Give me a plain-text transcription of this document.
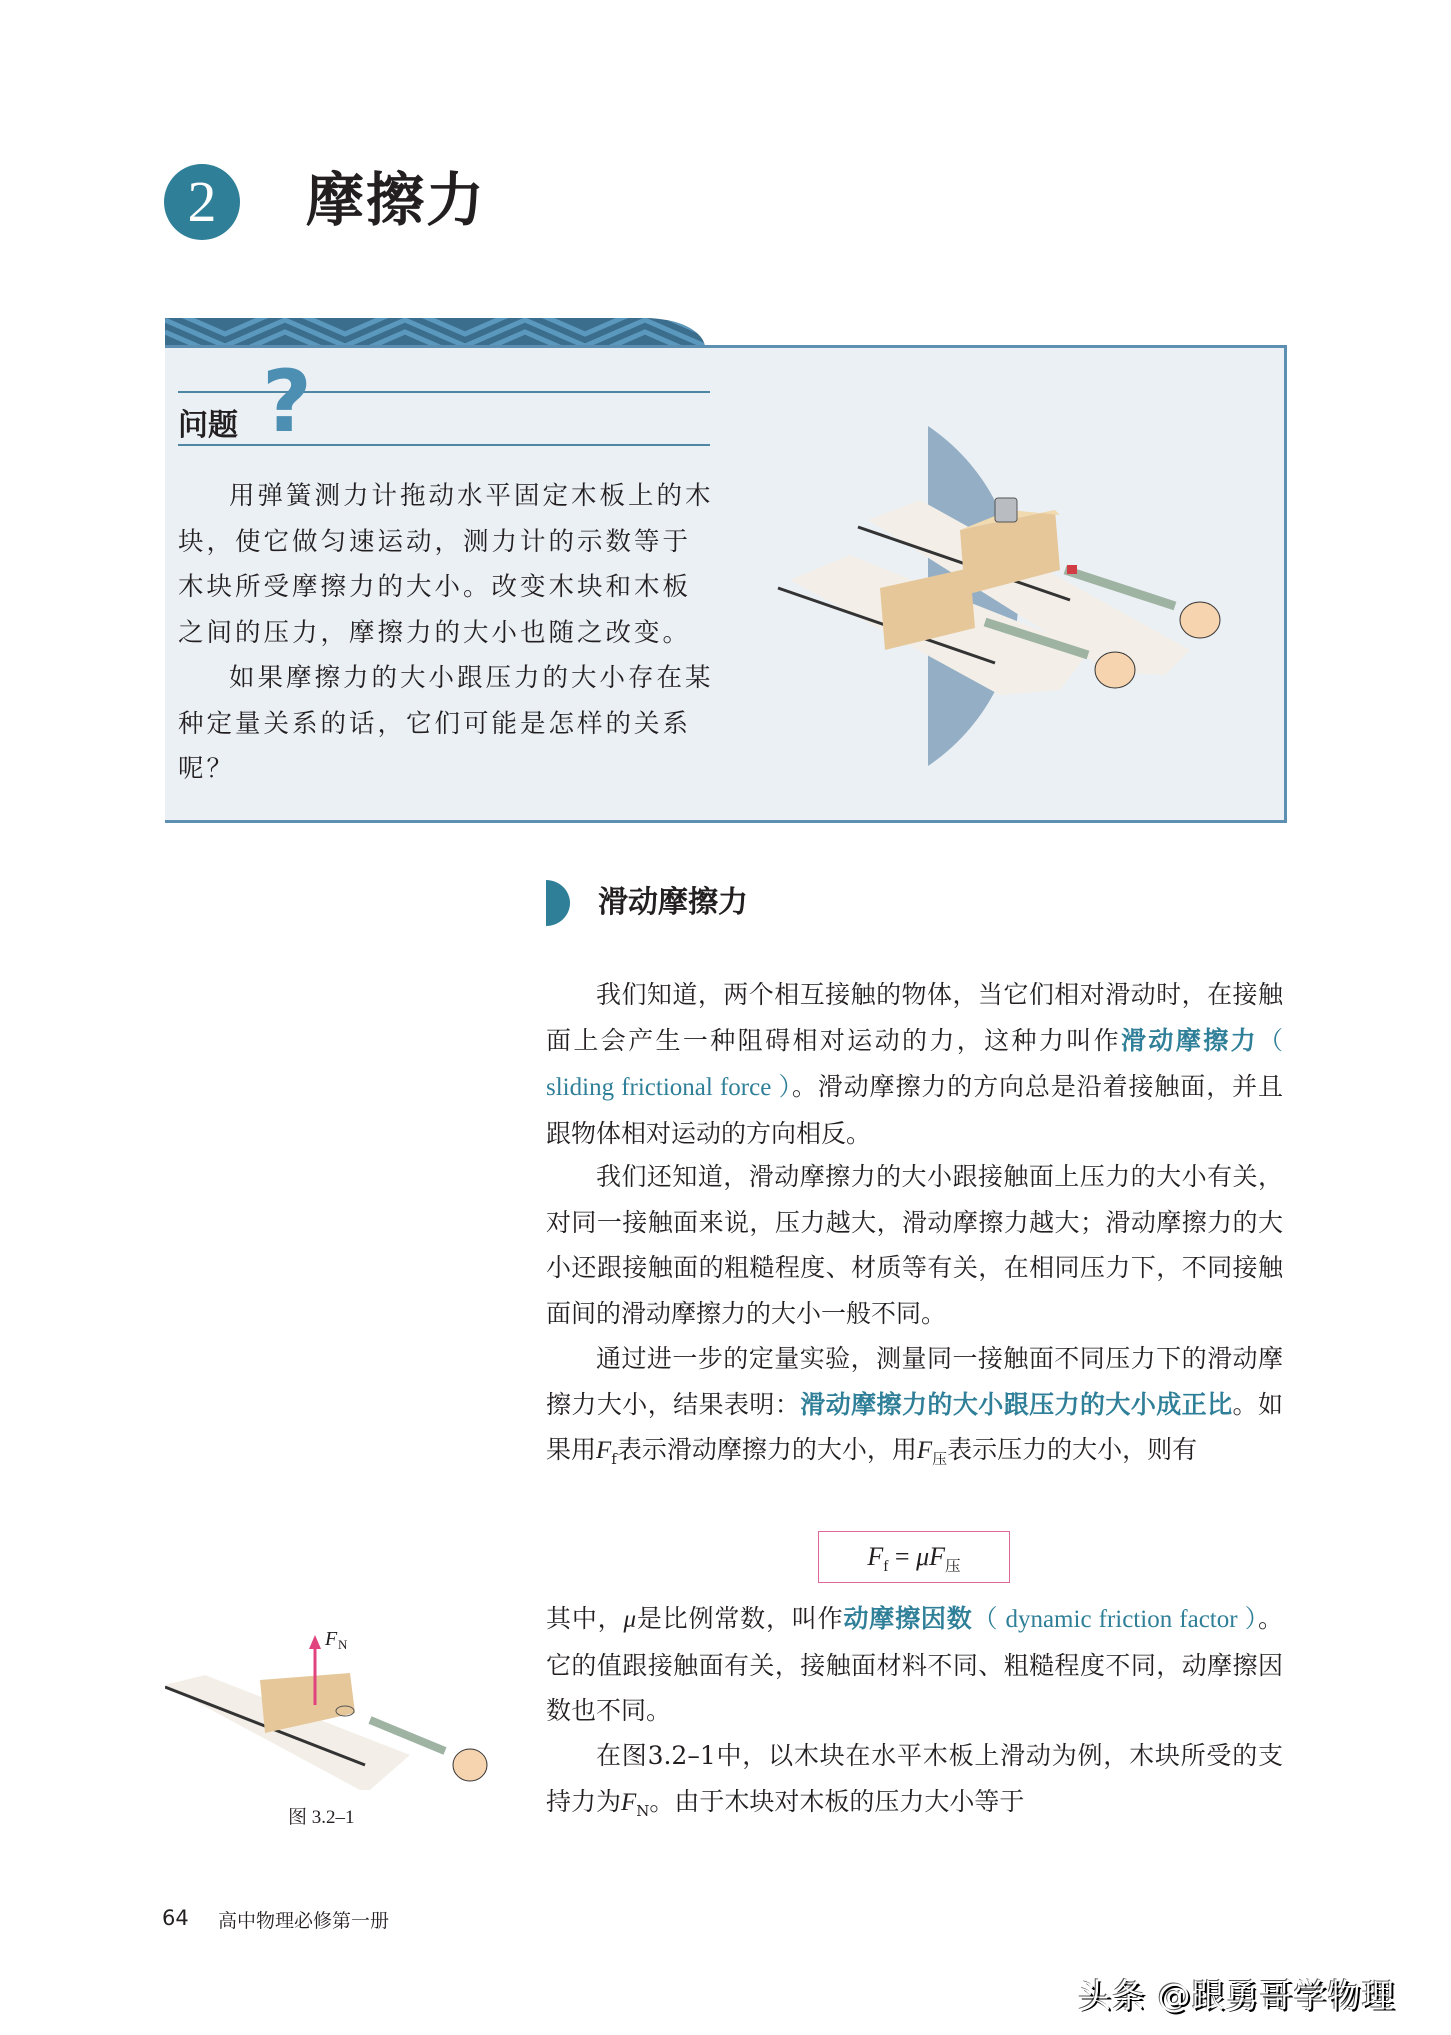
2	摩擦力
问题 ?

用弹簧测力计拖动水平固定木板上的木块，使它做匀速运动，测力计的示数等于木块所受摩擦力的大小。改变木块和木板之间的压力，摩擦力的大小也随之改变。

如果摩擦力的大小跟压力的大小存在某种定量关系的话，它们可能是怎样的关系呢？

滑动摩擦力

我们知道，两个相互接触的物体，当它们相对滑动时，在接触面上会产生一种阻碍相对运动的力，这种力叫作滑动摩擦力（ sliding frictional force ）。滑动摩擦力的方向总是沿着接触面，并且跟物体相对运动的方向相反。

我们还知道，滑动摩擦力的大小跟接触面上压力的大小有关，对同一接触面来说，压力越大，滑动摩擦力越大；滑动摩擦力的大小还跟接触面的粗糙程度、材质等有关，在相同压力下，不同接触面间的滑动摩擦力的大小一般不同。

通过进一步的定量实验，测量同一接触面不同压力下的滑动摩擦力大小，结果表明：滑动摩擦力的大小跟压力的大小成正比。如果用$F_f$表示滑动摩擦力的大小，用$F_压$表示压力的大小，则有

$F_f = \mu F_压$

其中，μ是比例常数，叫作动摩擦因数（ dynamic friction factor ）。它的值跟接触面有关，接触面材料不同、粗糙程度不同，动摩擦因数也不同。

在图3.2–1中，以木块在水平木板上滑动为例，木块所受的支持力为$F_N$。由于木块对木板的压力大小等于

F N
图 3.2–1
64 高中物理必修第一册
头条 @跟勇哥学物理
